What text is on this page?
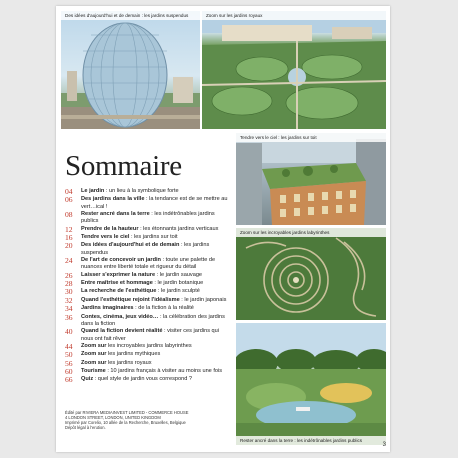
Des idées d'aujourd'hui et de demain : les jardins suspendus	Zoom sur les jardins royaux
Sommaire
Tendre vers le ciel : les jardins sur toit
Zoom sur les incroyables jardins labyrinthes
Rester ancré dans la terre : les indétrônables jardins publics
04	Le jardin : un lieu à la symbolique forte
06	Des jardins dans la ville : la tendance est de se mettre au vert…ical !
08	Rester ancré dans la terre : les indétrônables jardins publics
12	Prendre de la hauteur : les étonnants jardins verticaux
16	Tendre vers le ciel : les jardins sur toit
20	Des idées d'aujourd'hui et de demain : les jardins suspendus
24	De l'art de concevoir un jardin : toute une palette de nuances entre liberté totale et rigueur du détail
26	Laisser s'exprimer la nature : le jardin sauvage
28	Entre maîtrise et hommage : le jardin botanique
30	La recherche de l'esthétique : le jardin sculpté
32	Quand l'esthétique rejoint l'idéalisme : le jardin japonais
34	Jardins imaginaires : de la fiction à la réalité
36	Contes, cinéma, jeux vidéo… : la célébration des jardins dans la fiction
40	Quand la fiction devient réalité : visiter ces jardins qui nous ont fait rêver
44	Zoom sur les incroyables jardins labyrinthes
50	Zoom sur les jardins mythiques
56	Zoom sur les jardins royaux
60	Tourisme : 10 jardins français à visiter au moins une fois
66	Quiz : quel style de jardin vous correspond ?
Édité par RIVIERA MEDIAINVEST LIMITED - COMMERCE HOUSE
4 LONDON STREET, LONDON, UNITED KINGDOM
Imprimé par Corelio, 10 allée de la Recherche, Bruxelles, Belgique
Dépôt légal à l'erution.
3
